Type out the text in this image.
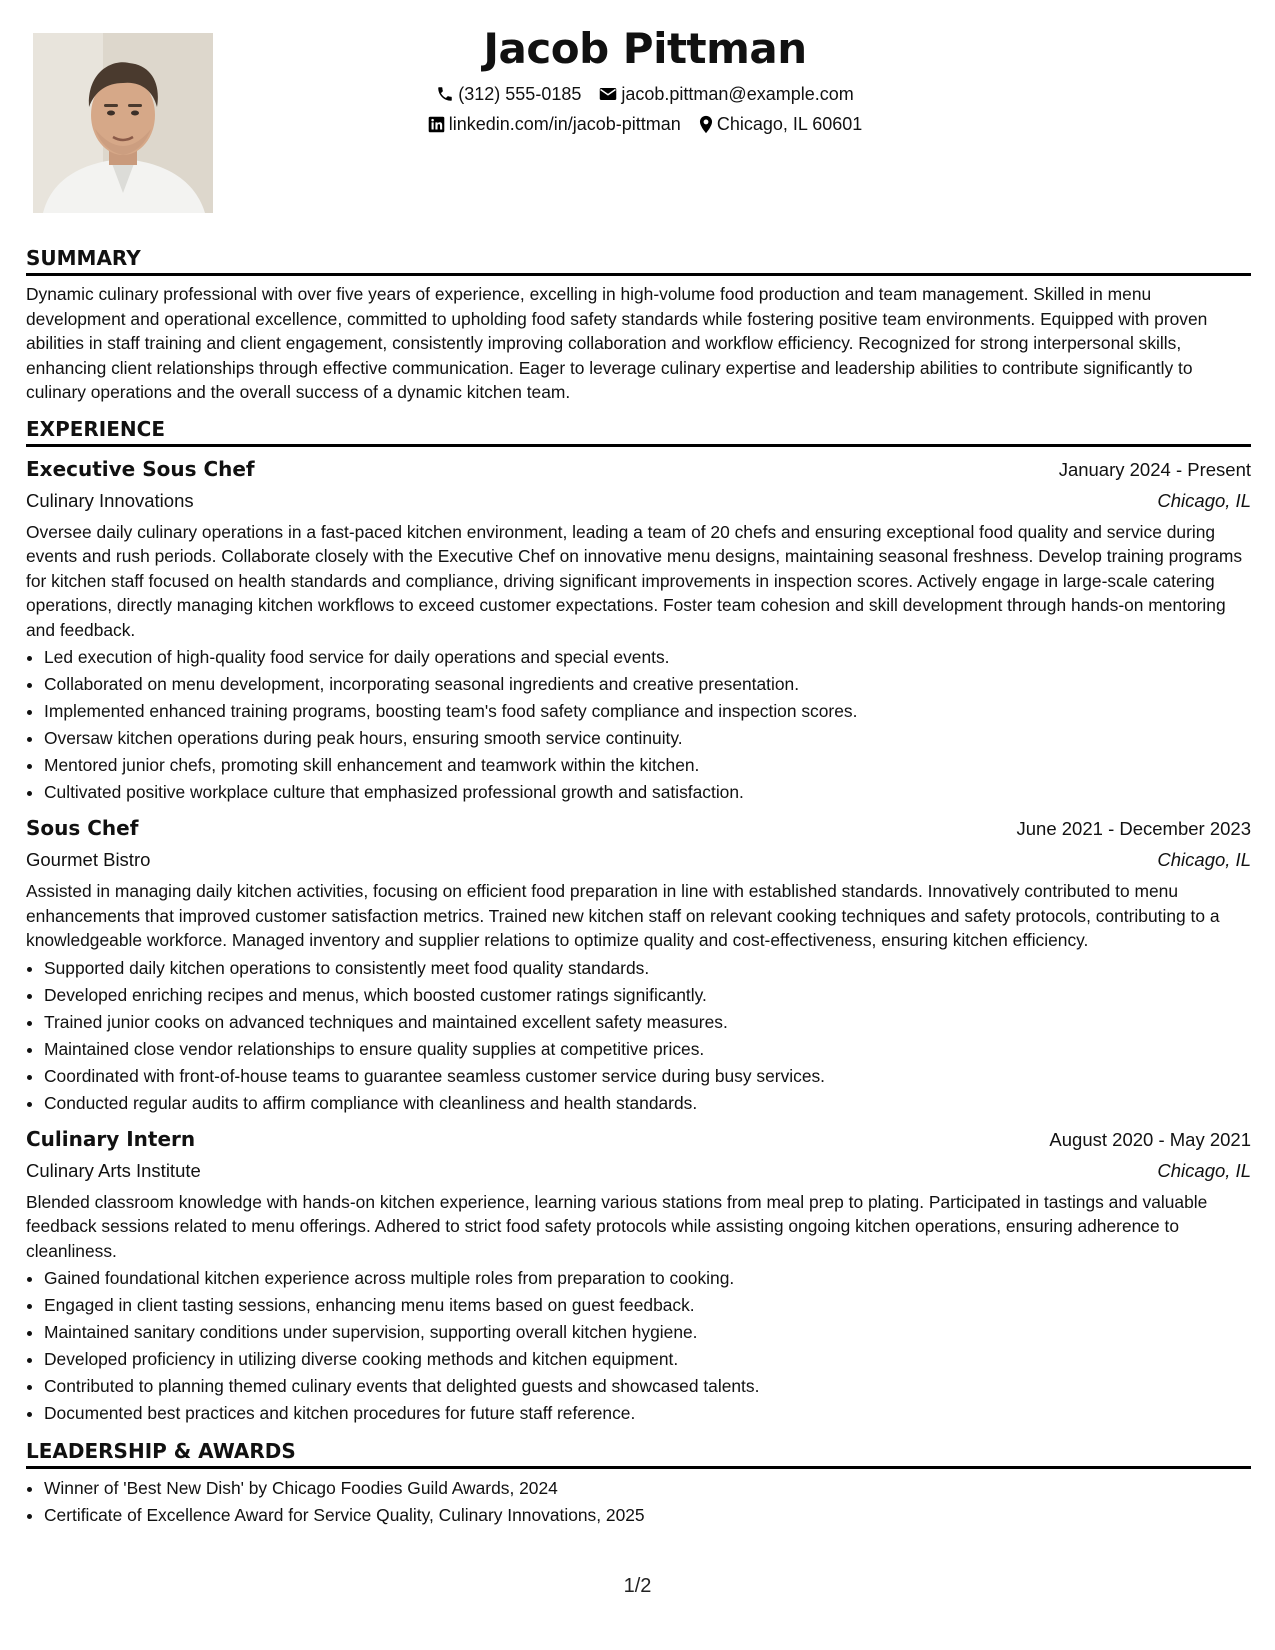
Jacob Pittman
(312) 555-0185 jacob.pittman@example.com
linkedin.com/in/jacob-pittman Chicago, IL 60601
SUMMARY

Dynamic culinary professional with over five years of experience, excelling in high-volume food production and team management. Skilled in menu development and operational excellence, committed to upholding food safety standards while fostering positive team environments. Equipped with proven abilities in staff training and client engagement, consistently improving collaboration and workflow efficiency. Recognized for strong interpersonal skills, enhancing client relationships through effective communication. Eager to leverage culinary expertise and leadership abilities to contribute significantly to culinary operations and the overall success of a dynamic kitchen team.

EXPERIENCE
Executive Sous Chef	January 2024 - Present
Culinary Innovations	Chicago, IL

Oversee daily culinary operations in a fast-paced kitchen environment, leading a team of 20 chefs and ensuring exceptional food quality and service during events and rush periods. Collaborate closely with the Executive Chef on innovative menu designs, maintaining seasonal freshness. Develop training programs for kitchen staff focused on health standards and compliance, driving significant improvements in inspection scores. Actively engage in large-scale catering operations, directly managing kitchen workflows to exceed customer expectations. Foster team cohesion and skill development through hands-on mentoring and feedback.

• Led execution of high-quality food service for daily operations and special events.
• Collaborated on menu development, incorporating seasonal ingredients and creative presentation.
• Implemented enhanced training programs, boosting team's food safety compliance and inspection scores.
• Oversaw kitchen operations during peak hours, ensuring smooth service continuity.
• Mentored junior chefs, promoting skill enhancement and teamwork within the kitchen.
• Cultivated positive workplace culture that emphasized professional growth and satisfaction.
Sous Chef	June 2021 - December 2023
Gourmet Bistro	Chicago, IL

Assisted in managing daily kitchen activities, focusing on efficient food preparation in line with established standards. Innovatively contributed to menu enhancements that improved customer satisfaction metrics. Trained new kitchen staff on relevant cooking techniques and safety protocols, contributing to a knowledgeable workforce. Managed inventory and supplier relations to optimize quality and cost-effectiveness, ensuring kitchen efficiency.

• Supported daily kitchen operations to consistently meet food quality standards.
• Developed enriching recipes and menus, which boosted customer ratings significantly.
• Trained junior cooks on advanced techniques and maintained excellent safety measures.
• Maintained close vendor relationships to ensure quality supplies at competitive prices.
• Coordinated with front-of-house teams to guarantee seamless customer service during busy services.
• Conducted regular audits to affirm compliance with cleanliness and health standards.
Culinary Intern	August 2020 - May 2021
Culinary Arts Institute	Chicago, IL

Blended classroom knowledge with hands-on kitchen experience, learning various stations from meal prep to plating. Participated in tastings and valuable feedback sessions related to menu offerings. Adhered to strict food safety protocols while assisting ongoing kitchen operations, ensuring adherence to cleanliness.

• Gained foundational kitchen experience across multiple roles from preparation to cooking.
• Engaged in client tasting sessions, enhancing menu items based on guest feedback.
• Maintained sanitary conditions under supervision, supporting overall kitchen hygiene.
• Developed proficiency in utilizing diverse cooking methods and kitchen equipment.
• Contributed to planning themed culinary events that delighted guests and showcased talents.
• Documented best practices and kitchen procedures for future staff reference.
LEADERSHIP & AWARDS
• Winner of 'Best New Dish' by Chicago Foodies Guild Awards, 2024
• Certificate of Excellence Award for Service Quality, Culinary Innovations, 2025
1/2
